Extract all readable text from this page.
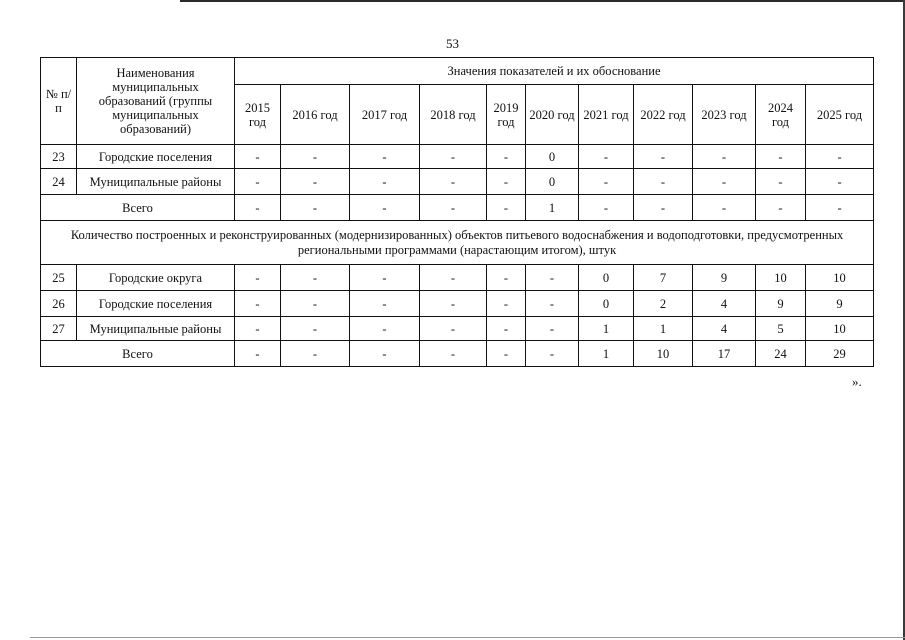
53
№ п/п	Наименования муниципальных образований (группы муниципальных образований)	Значения показателей и их обоснование										
		2015 год	2016 год	2017 год	2018 год	2019 год	2020 год	2021 год	2022 год	2023 год	2024 год	2025 год
23	Городские поселения	-	-	-	-	-	0	-	-	-	-	-
24	Муниципальные районы	-	-	-	-	-	0	-	-	-	-	-
Всего		-	-	-	-	-	1	-	-	-	-	-
Количество построенных и реконструированных (модернизированных) объектов питьевого водоснабжения и водоподготовки, предусмотренных региональными программами (нарастающим итогом), штук												
25	Городские округа	-	-	-	-	-	-	0	7	9	10	10
26	Городские поселения	-	-	-	-	-	-	0	2	4	9	9
27	Муниципальные районы	-	-	-	-	-	-	1	1	4	5	10
Всего		-	-	-	-	-	-	1	10	17	24	29
».
